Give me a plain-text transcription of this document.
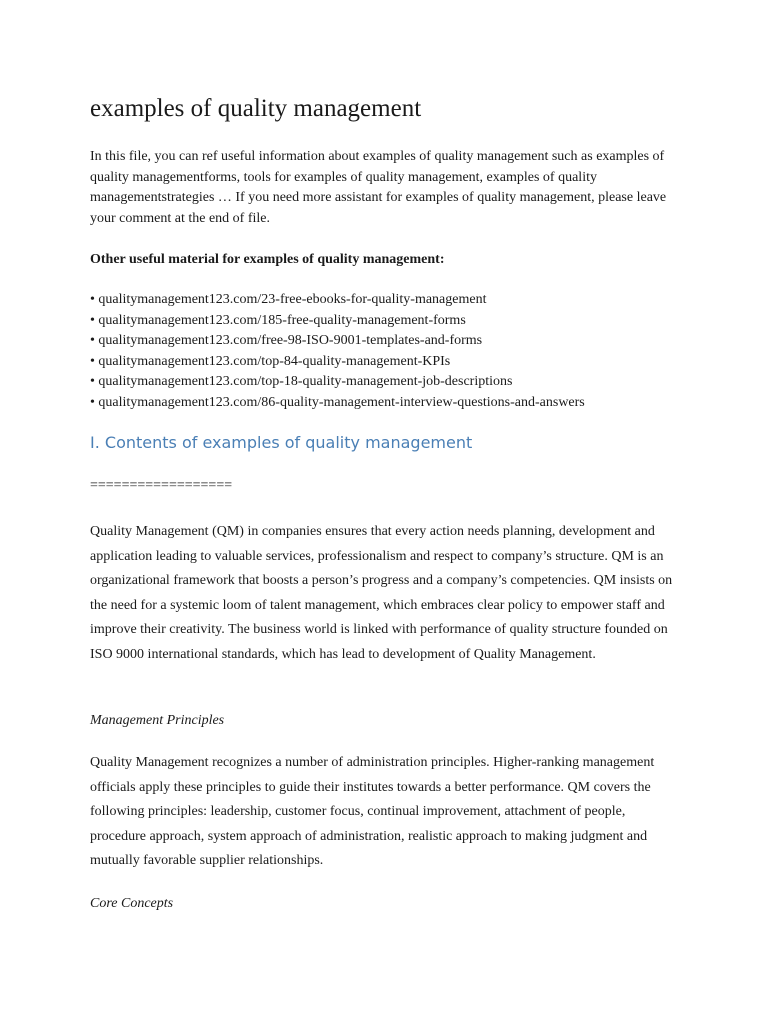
examples of quality management

In this file, you can ref useful information about examples of quality management such as examples of quality managementforms, tools for examples of quality management, examples of quality managementstrategies … If you need more assistant for examples of quality management, please leave your comment at the end of file.

Other useful material for examples of quality management:

• qualitymanagement123.com/23-free-ebooks-for-quality-management
• qualitymanagement123.com/185-free-quality-management-forms
• qualitymanagement123.com/free-98-ISO-9001-templates-and-forms
• qualitymanagement123.com/top-84-quality-management-KPIs
• qualitymanagement123.com/top-18-quality-management-job-descriptions
• qualitymanagement123.com/86-quality-management-interview-questions-and-answers
I. Contents of examples of quality management

==================

Quality Management (QM) in companies ensures that every action needs planning, development and application leading to valuable services, professionalism and respect to company’s structure. QM is an organizational framework that boosts a person’s progress and a company’s competencies. QM insists on the need for a systemic loom of talent management, which embraces clear policy to empower staff and improve their creativity. The business world is linked with performance of quality structure founded on ISO 9000 international standards, which has lead to development of Quality Management.

Management Principles

Quality Management recognizes a number of administration principles. Higher-ranking management officials apply these principles to guide their institutes towards a better performance. QM covers the following principles: leadership, customer focus, continual improvement, attachment of people, procedure approach, system approach of administration, realistic approach to making judgment and mutually favorable supplier relationships.

Core Concepts
